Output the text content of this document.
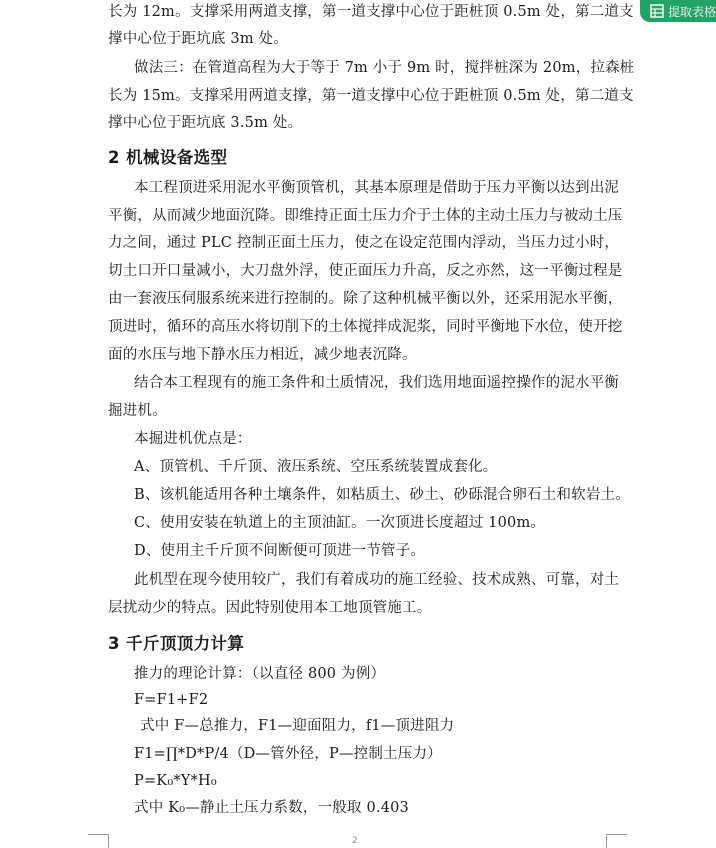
长为 12m。支撑采用两道支撑，第一道支撑中心位于距桩顶 0.5m 处，第二道支
撑中心位于距坑底 3m 处。
做法三：在管道高程为大于等于 7m 小于 9m 时，搅拌桩深为 20m，拉森桩
长为 15m。支撑采用两道支撑，第一道支撑中心位于距桩顶 0.5m 处，第二道支
撑中心位于距坑底 3.5m 处。
2 机械设备选型
本工程顶进采用泥水平衡顶管机，其基本原理是借助于压力平衡以达到出泥
平衡，从而减少地面沉降。即维持正面土压力介于土体的主动土压力与被动土压
力之间，通过 PLC 控制正面土压力，使之在设定范围内浮动，当压力过小时，
切土口开口量减小，大刀盘外浮，使正面压力升高，反之亦然，这一平衡过程是
由一套液压伺服系统来进行控制的。除了这种机械平衡以外，还采用泥水平衡，
顶进时，循环的高压水将切削下的土体搅拌成泥浆，同时平衡地下水位，使开挖
面的水压与地下静水压力相近，减少地表沉降。
结合本工程现有的施工条件和土质情况，我们选用地面遥控操作的泥水平衡
掘进机。
本掘进机优点是：
A、顶管机、千斤顶、液压系统、空压系统装置成套化。
B、该机能适用各种土壤条件，如粘质土、砂土、砂砾混合卵石土和软岩土。
C、使用安装在轨道上的主顶油缸。一次顶进长度超过 100m。
D、使用主千斤顶不间断便可顶进一节管子。
此机型在现今使用较广，我们有着成功的施工经验、技术成熟、可靠，对土
层扰动少的特点。因此特别使用本工地顶管施工。
3 千斤顶顶力计算
推力的理论计算：（以直径 800 为例）
F=F1+F2
式中 F—总推力，F1—迎面阻力，f1—顶进阻力
F1=∏*D*P/4（D—管外径，P—控制土压力）
P=K₀*Y*H₀
式中 K₀—静止土压力系数，一般取 0.403
2
提取表格
